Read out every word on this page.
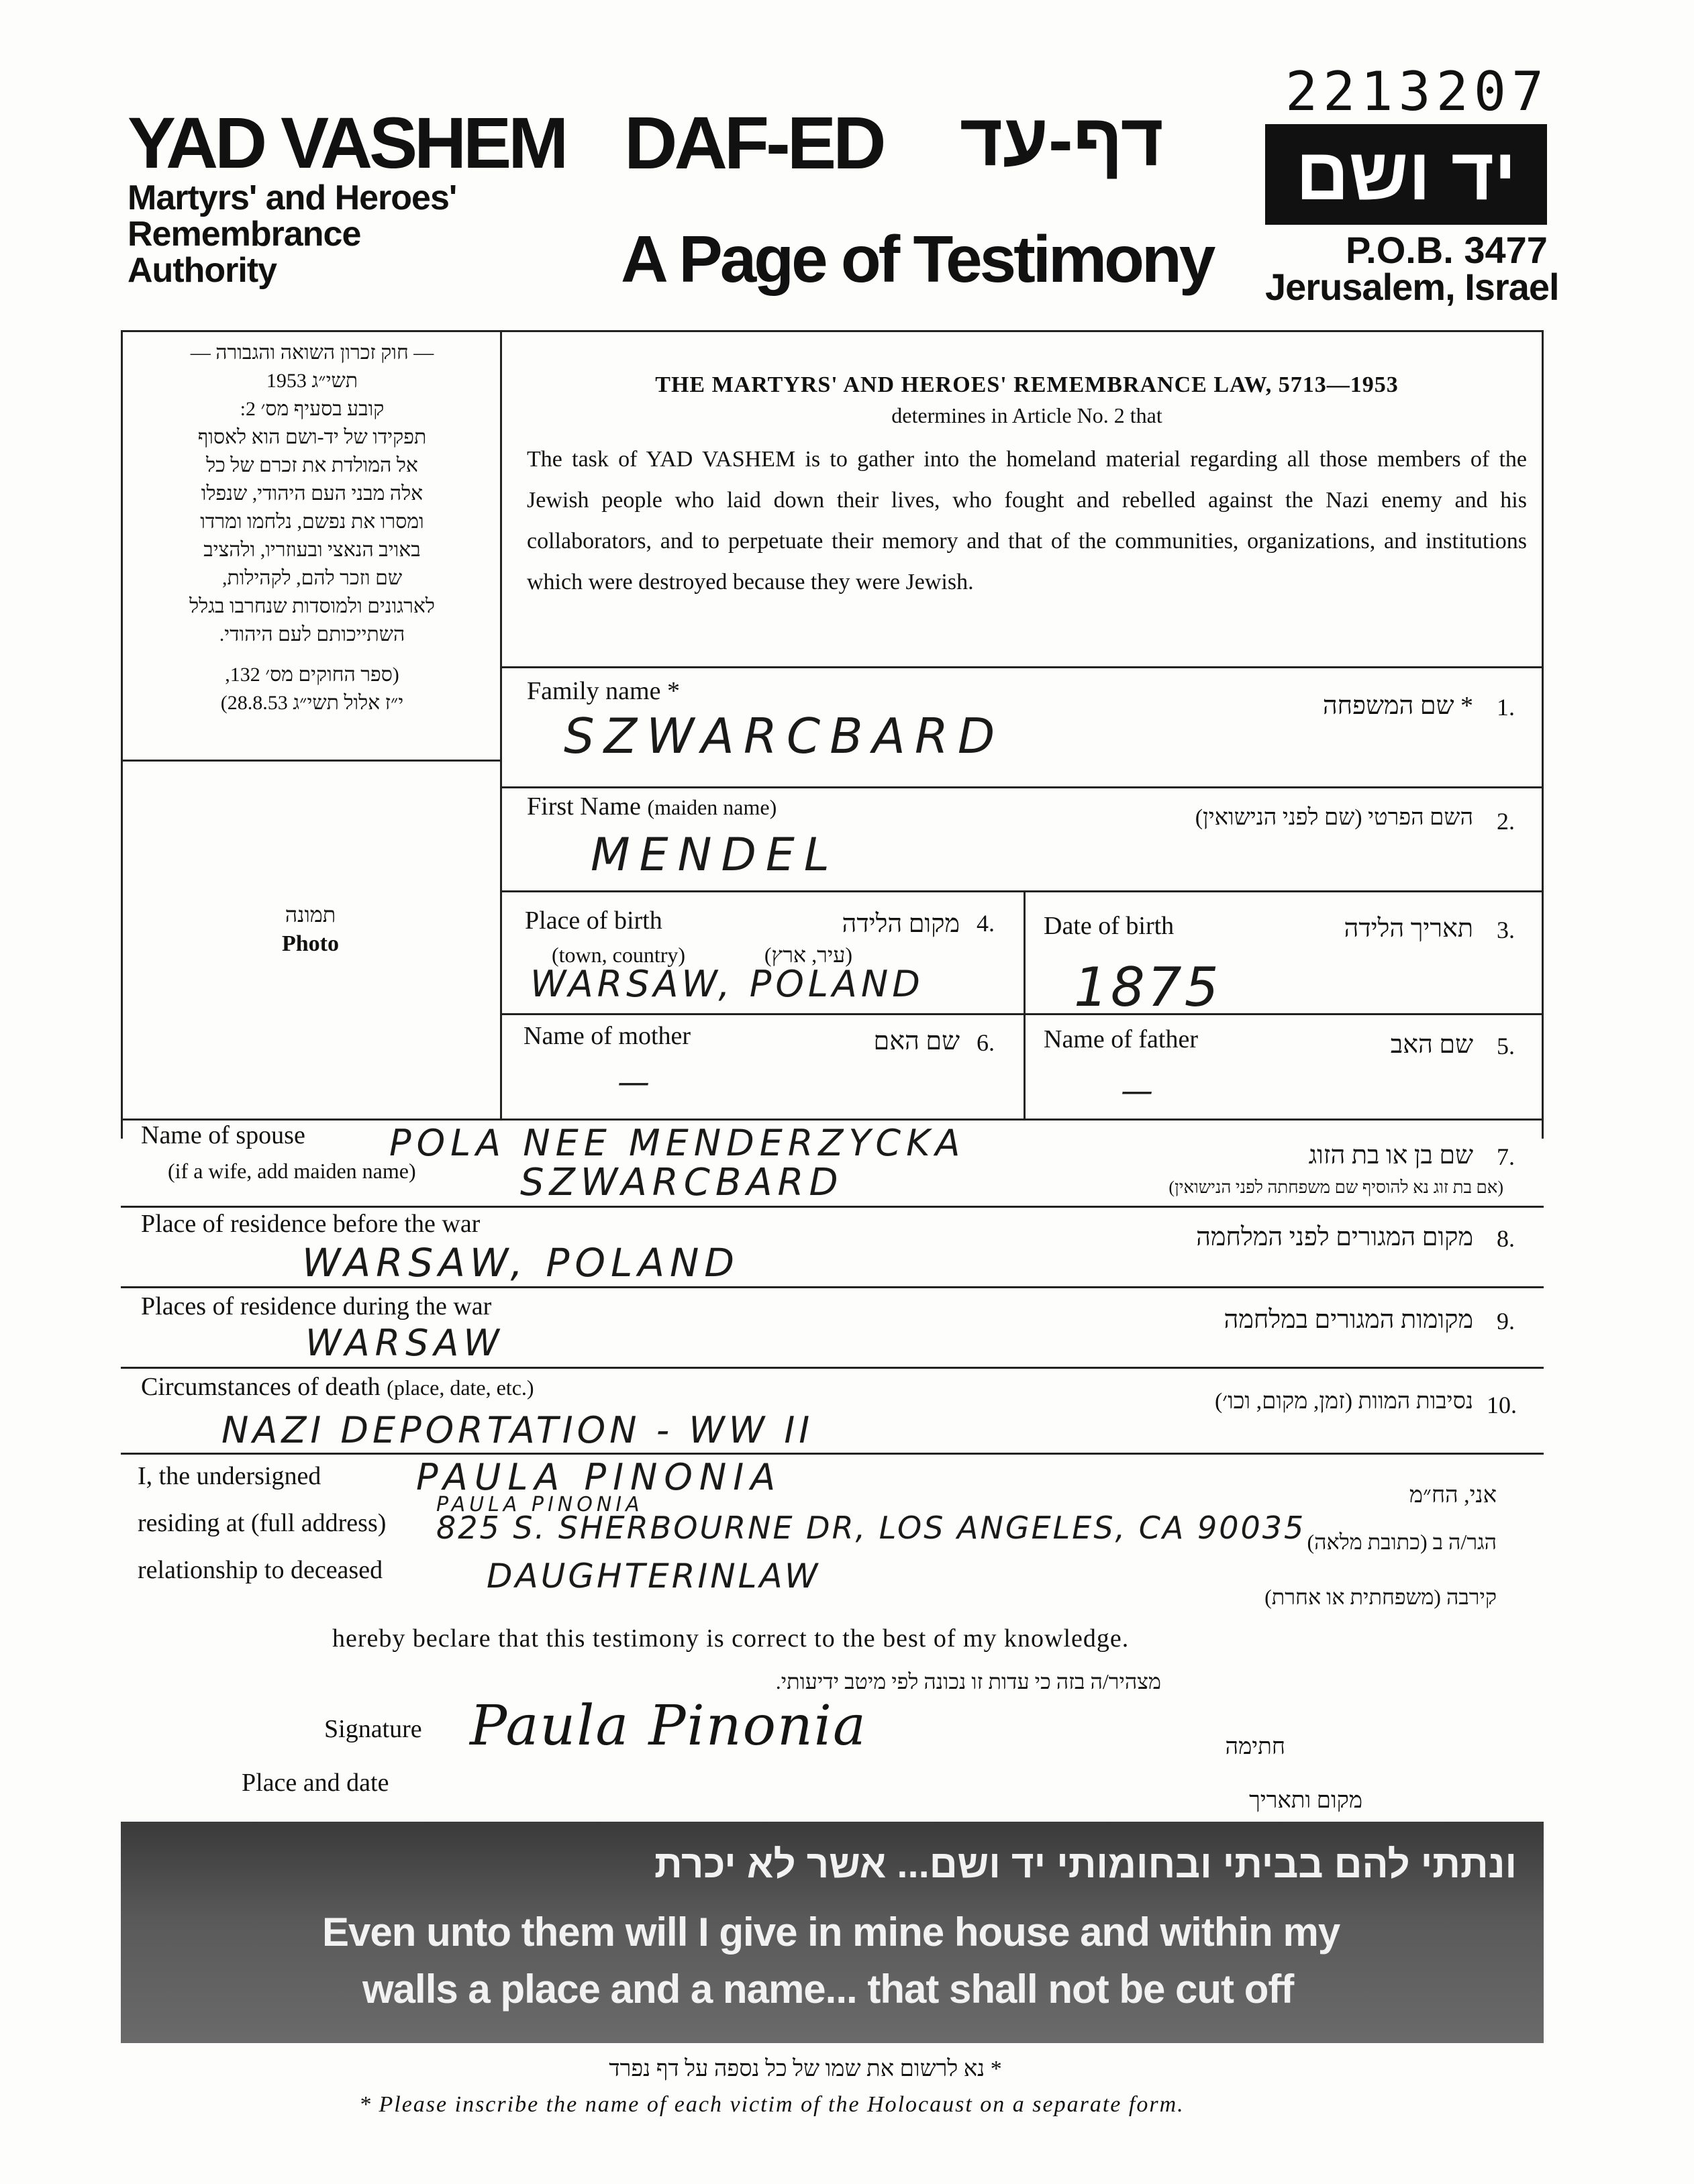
2213207
YAD VASHEM
Martyrs' and Heroes'
Remembrance
Authority
DAF-ED דף-עד
A Page of Testimony
יד ושם
P.O.B. 3477
Jerusalem, Israel
— חוק זכרון השואה והגבורה —
תשי״ג 1953
קובע בסעיף מס׳ 2:
תפקידו של יד-ושם הוא לאסוף
אל המולדת את זכרם של כל
אלה מבני העם היהודי, שנפלו
ומסרו את נפשם, נלחמו ומרדו
באויב הנאצי ובעוזריו, ולהציב
שם וזכר להם, לקהילות,
לארגונים ולמוסדות שנחרבו בגלל
השתייכותם לעם היהודי.
(ספר החוקים מס׳ 132,
י״ז אלול תשי״ג 28.8.53)
THE MARTYRS' AND HEROES' REMEMBRANCE LAW, 5713—1953
determines in Article No. 2 that
The task of YAD VASHEM is to gather into the homeland material regarding all those members of the Jewish people who laid down their lives, who fought and rebelled against the Nazi enemy and his collaborators, and to perpetuate their memory and that of the communities, organizations, and institutions which were destroyed because they were Jewish.
תמונה
Photo
Family name *
* שם המשפחה 1.
SZWARCBARD
First Name (maiden name)	השם הפרטי (שם לפני הנישואין) 2.
MENDEL
Place of birth
(town, country)
מקום הלידה
(עיר, ארץ)
4.
WARSAW, POLAND
Date of birth	תאריך הלידה 3.
1875
Name of mother	שם האם 6.
—
Name of father	שם האב 5.
—
Name of spouse
(if a wife, add maiden name)
שם בן או בת הזוג
(אם בת זוג נא להוסיף שם משפחתה לפני הנישואין)
7.
POLA NEE MENDERZYCKA
SZWARCBARD
Place of residence before the war	מקום המגורים לפני המלחמה 8.
WARSAW, POLAND
Places of residence during the war	מקומות המגורים במלחמה 9.
WARSAW
Circumstances of death (place, date, etc.)
נסיבות המוות (זמן, מקום, וכו׳) 10.
NAZI DEPORTATION - WW II
I, the undersigned
אני, הח״מ
PAULA PINONIA
PAULA PINONIA
residing at (full address)
הגר/ה ב (כתובת מלאה)
825 S. SHERBOURNE DR, LOS ANGELES, CA 90035
relationship to deceased
קירבה (משפחתית או אחרת)
DAUGHTERINLAW
hereby beclare that this testimony is correct to the best of my knowledge.
מצהיר/ה בזה כי עדות זו נכונה לפי מיטב ידיעותי.
Signature Paula Pinonia	חתימה
Place and date
מקום ותאריך
ונתתי להם בביתי ובחומותי יד ושם... אשר לא יכרת
Even unto them will I give in mine house and within my
walls a place and a name... that shall not be cut off
* נא לרשום את שמו של כל נספה על דף נפרד
* Please inscribe the name of each victim of the Holocaust on a separate form.
